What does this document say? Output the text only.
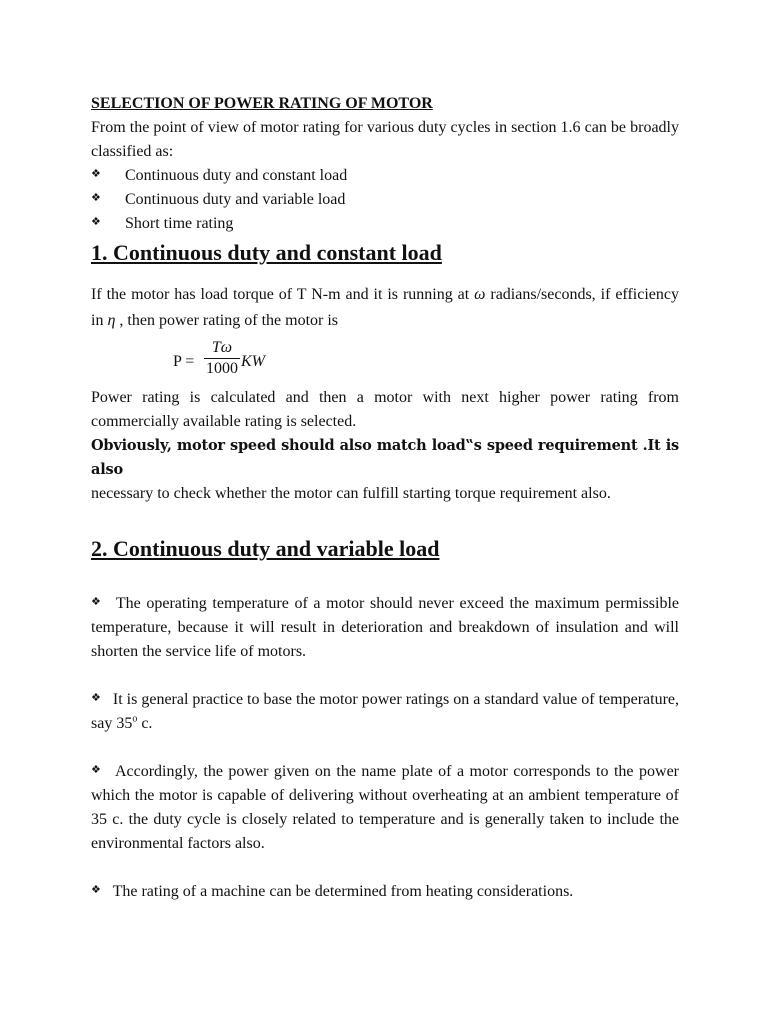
SELECTION OF POWER RATING OF MOTOR

From the point of view of motor rating for various duty cycles in section 1.6 can be broadly classified as:

❖	Continuous duty and constant load
❖	Continuous duty and variable load
❖	Short time rating
1. Continuous duty and constant load

If the motor has load torque of T N-m and it is running at ω radians/seconds, if efficiency in η , then power rating of the motor is

P =
Tω
1000 KW

Power rating is calculated and then a motor with next higher power rating from commercially available rating is selected.

Obviously, motor speed should also match load‟s speed requirement .It is also

necessary to check whether the motor can fulfill starting torque requirement also.

2. Continuous duty and variable load

❖ The operating temperature of a motor should never exceed the maximum permissible temperature, because it will result in deterioration and breakdown of insulation and will shorten the service life of motors.

❖ It is general practice to base the motor power ratings on a standard value of temperature, say 35$^o$ c.

❖ Accordingly, the power given on the name plate of a motor corresponds to the power which the motor is capable of delivering without overheating at an ambient temperature of 35 c. the duty cycle is closely related to temperature and is generally taken to include the environmental factors also.

❖ The rating of a machine can be determined from heating considerations.
